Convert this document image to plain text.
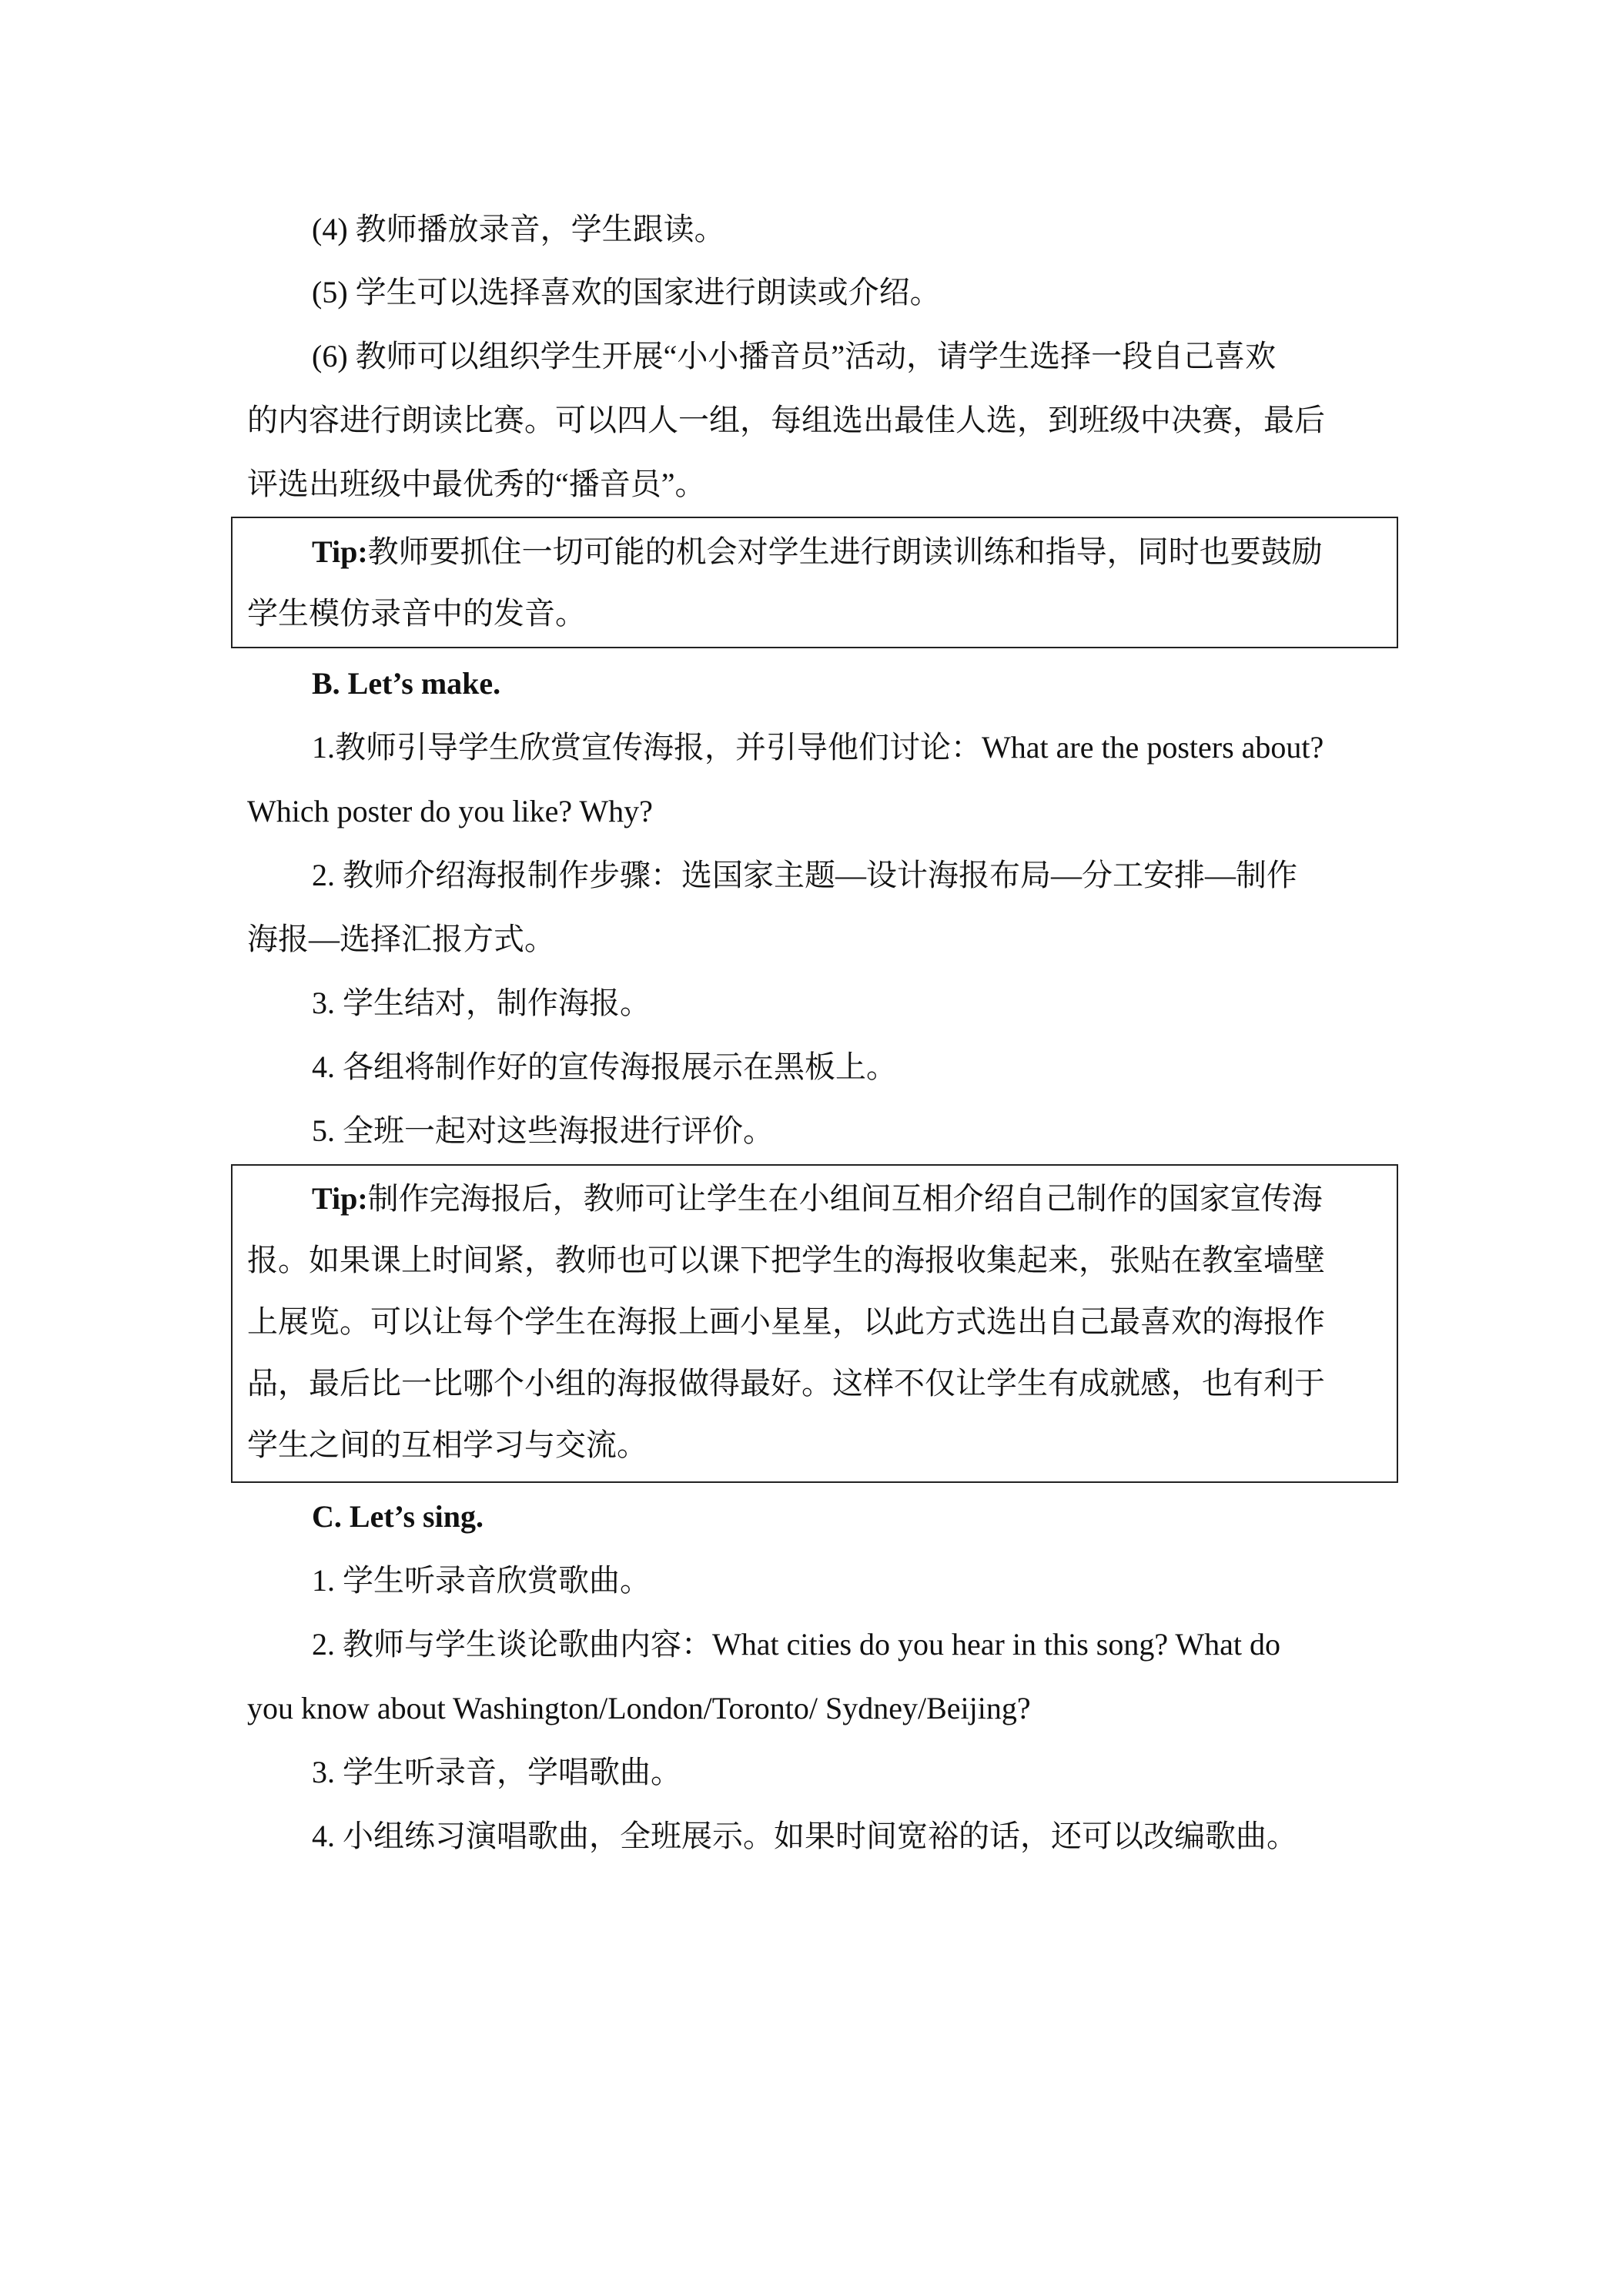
(4) 教师播放录音，学生跟读。
(5) 学生可以选择喜欢的国家进行朗读或介绍。
(6) 教师可以组织学生开展“小小播音员”活动，请学生选择一段自己喜欢
的内容进行朗读比赛。可以四人一组，每组选出最佳人选，到班级中决赛，最后
评选出班级中最优秀的“播音员”。
Tip:教师要抓住一切可能的机会对学生进行朗读训练和指导，同时也要鼓励
学生模仿录音中的发音。
B. Let’s make.
1.教师引导学生欣赏宣传海报，并引导他们讨论：What are the posters about?
Which poster do you like? Why?
2. 教师介绍海报制作步骤：选国家主题—设计海报布局—分工安排—制作
海报—选择汇报方式。
3. 学生结对，制作海报。
4. 各组将制作好的宣传海报展示在黑板上。
5. 全班一起对这些海报进行评价。
Tip:制作完海报后，教师可让学生在小组间互相介绍自己制作的国家宣传海
报。如果课上时间紧，教师也可以课下把学生的海报收集起来，张贴在教室墙壁
上展览。可以让每个学生在海报上画小星星，以此方式选出自己最喜欢的海报作
品，最后比一比哪个小组的海报做得最好。这样不仅让学生有成就感，也有利于
学生之间的互相学习与交流。
C. Let’s sing.
1. 学生听录音欣赏歌曲。
2. 教师与学生谈论歌曲内容：What cities do you hear in this song? What do
you know about Washington/London/Toronto/ Sydney/Beijing?
3. 学生听录音，学唱歌曲。
4. 小组练习演唱歌曲，全班展示。如果时间宽裕的话，还可以改编歌曲。
